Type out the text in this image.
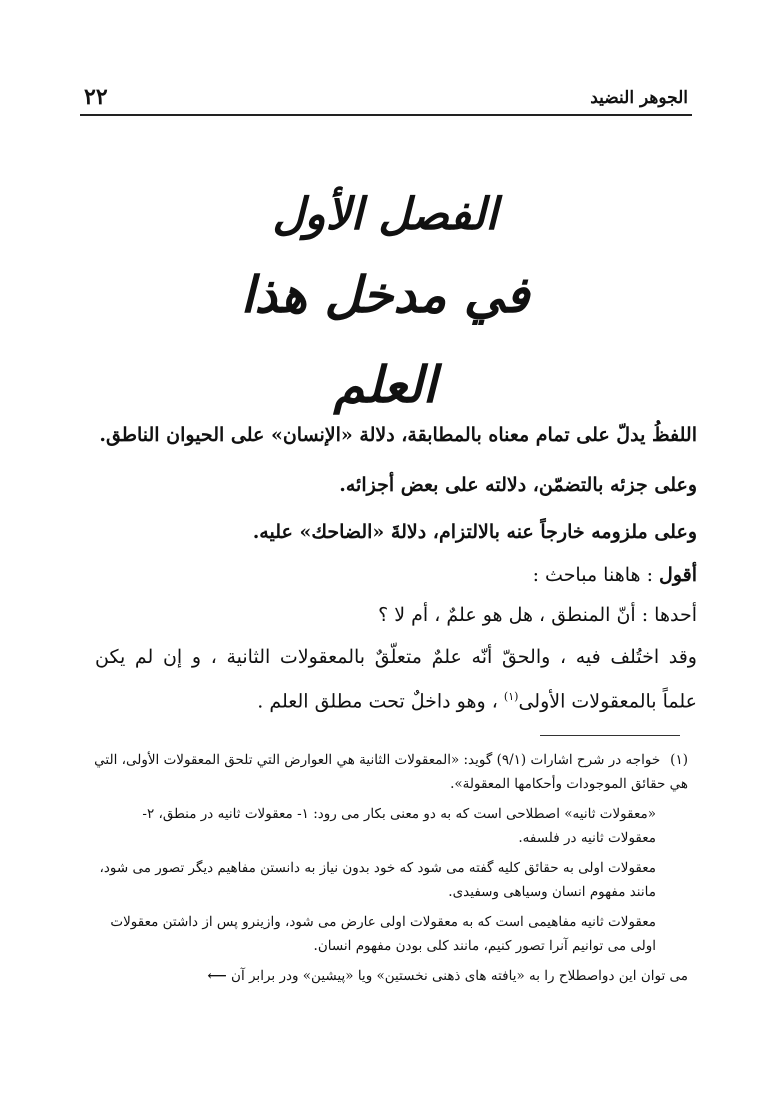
٢٢	الجوهر النضيد
الفصل الأول
في مدخل هذا العلم
اللفظُ يدلّ على تمام معناه بالمطابقة، دلالة «الإنسان» على الحيوان الناطق.
وعلى جزئه بالتضمّن، دلالته على بعض أجزائه.
وعلى ملزومه خارجاً عنه بالالتزام، دلالةَ «الضاحك» عليه.
أقول : هاهنا مباحث :
أحدها : أنّ المنطق ، هل هو علمٌ ، أم لا ؟
وقد اختُلف فيه ، والحقّ أنّه علمٌ متعلّقٌ بالمعقولات الثانية ، و إن لم يكن
علماً بالمعقولات الأولى$^{(١)}$ ، وهو داخلٌ تحت مطلق العلم .
(١)خواجه در شرح اشارات (٩/١) گويد: «المعقولات الثانية هي العوارض التي تلحق المعقولات الأولى، التي هي حقائق الموجودات وأحكامها المعقولة».
«معقولات ثانيه» اصطلاحى است كه به دو معنى بكار مى رود: ١- معقولات ثانيه در منطق، ٢- معقولات ثانيه در فلسفه.
معقولات اولى به حقائق كليه گفته مى شود كه خود بدون نياز به دانستن مفاهيم ديگر تصور مى شود، مانند مفهوم انسان وسياهى وسفيدى.
معقولات ثانيه مفاهيمى است كه به معقولات اولى عارض مى شود، وازينرو پس از داشتن معقولات اولى مى توانيم آنرا تصور كنيم، مانند كلى بودن مفهوم انسان.
مى توان اين دواصطلاح را به «يافته هاى ذهنى نخستين» ويا «پيشين» ودر برابر آن ⟵
